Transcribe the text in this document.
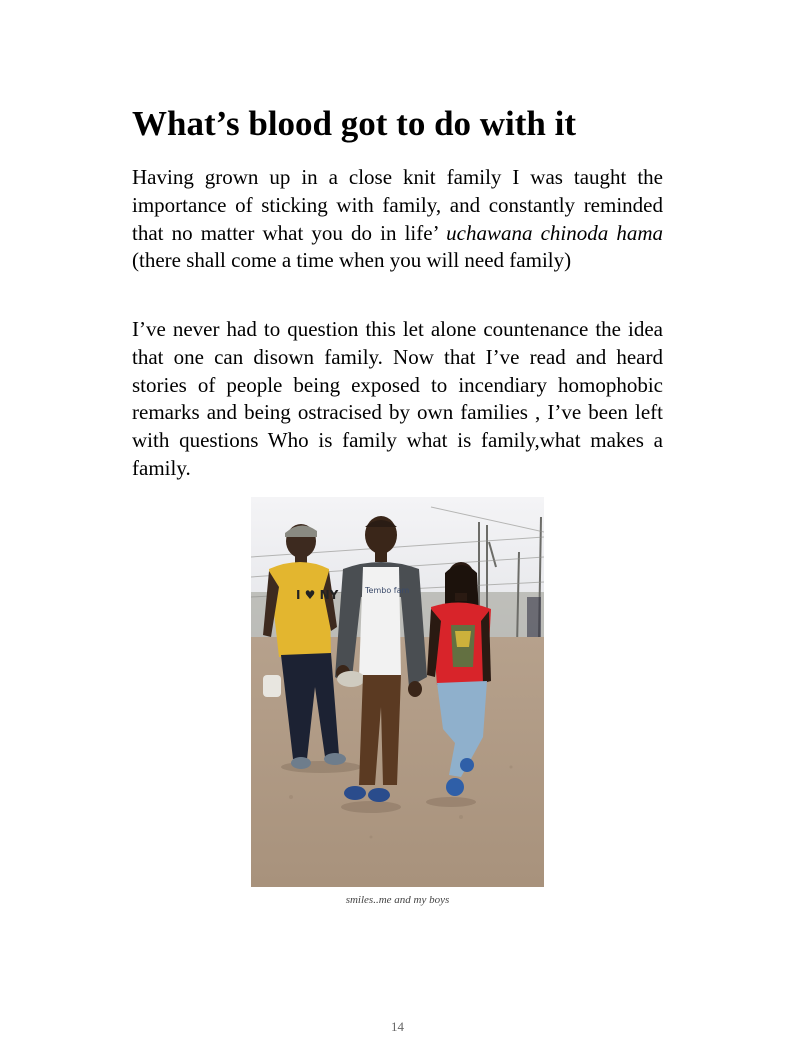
What’s blood got to do with it

Having grown up in a close knit family I was taught the importance of sticking with family, and constantly reminded that no matter what you do in life’ uchawana chinoda hama (there shall come a time when you will need family)

I’ve never had to question this let alone countenance the idea that one can disown family. Now that I’ve read and heard stories of people being exposed to incendiary homophobic remarks and being ostracised by own families , I’ve been left with questions Who is family what is family,what makes a family.

I ♥ NY	Tembo fam
smiles..me and my boys
14
